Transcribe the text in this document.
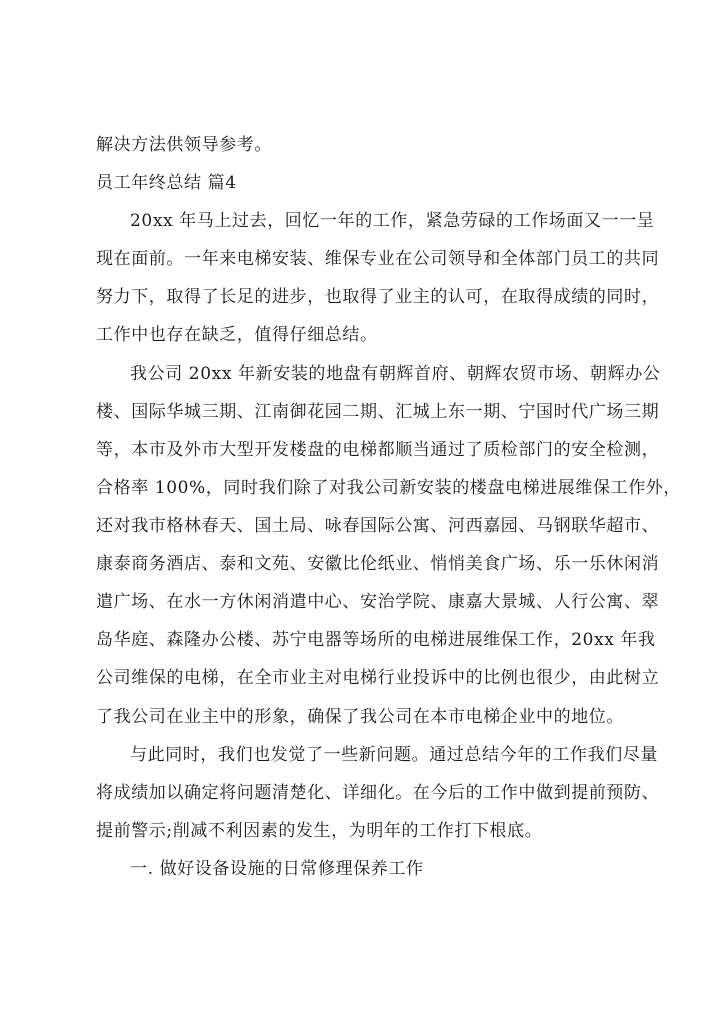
解决方法供领导参考。
员工年终总结 篇4
20xx 年马上过去，回忆一年的工作，紧急劳碌的工作场面又一一呈
现在面前。一年来电梯安装、维保专业在公司领导和全体部门员工的共同
努力下，取得了长足的进步，也取得了业主的认可，在取得成绩的同时，
工作中也存在缺乏，值得仔细总结。
我公司 20xx 年新安装的地盘有朝辉首府、朝辉农贸市场、朝辉办公
楼、国际华城三期、江南御花园二期、汇城上东一期、宁国时代广场三期
等，本市及外市大型开发楼盘的电梯都顺当通过了质检部门的安全检测，
合格率 100%，同时我们除了对我公司新安装的楼盘电梯进展维保工作外，
还对我市格林春天、国土局、咏春国际公寓、河西嘉园、马钢联华超市、
康泰商务酒店、泰和文苑、安徽比伦纸业、悄悄美食广场、乐一乐休闲消
遣广场、在水一方休闲消遣中心、安治学院、康嘉大景城、人行公寓、翠
岛华庭、森隆办公楼、苏宁电器等场所的电梯进展维保工作，20xx 年我
公司维保的电梯，在全市业主对电梯行业投诉中的比例也很少，由此树立
了我公司在业主中的形象，确保了我公司在本市电梯企业中的地位。
与此同时，我们也发觉了一些新问题。通过总结今年的工作我们尽量
将成绩加以确定将问题清楚化、详细化。在今后的工作中做到提前预防、
提前警示;削减不利因素的发生，为明年的工作打下根底。
一. 做好设备设施的日常修理保养工作
